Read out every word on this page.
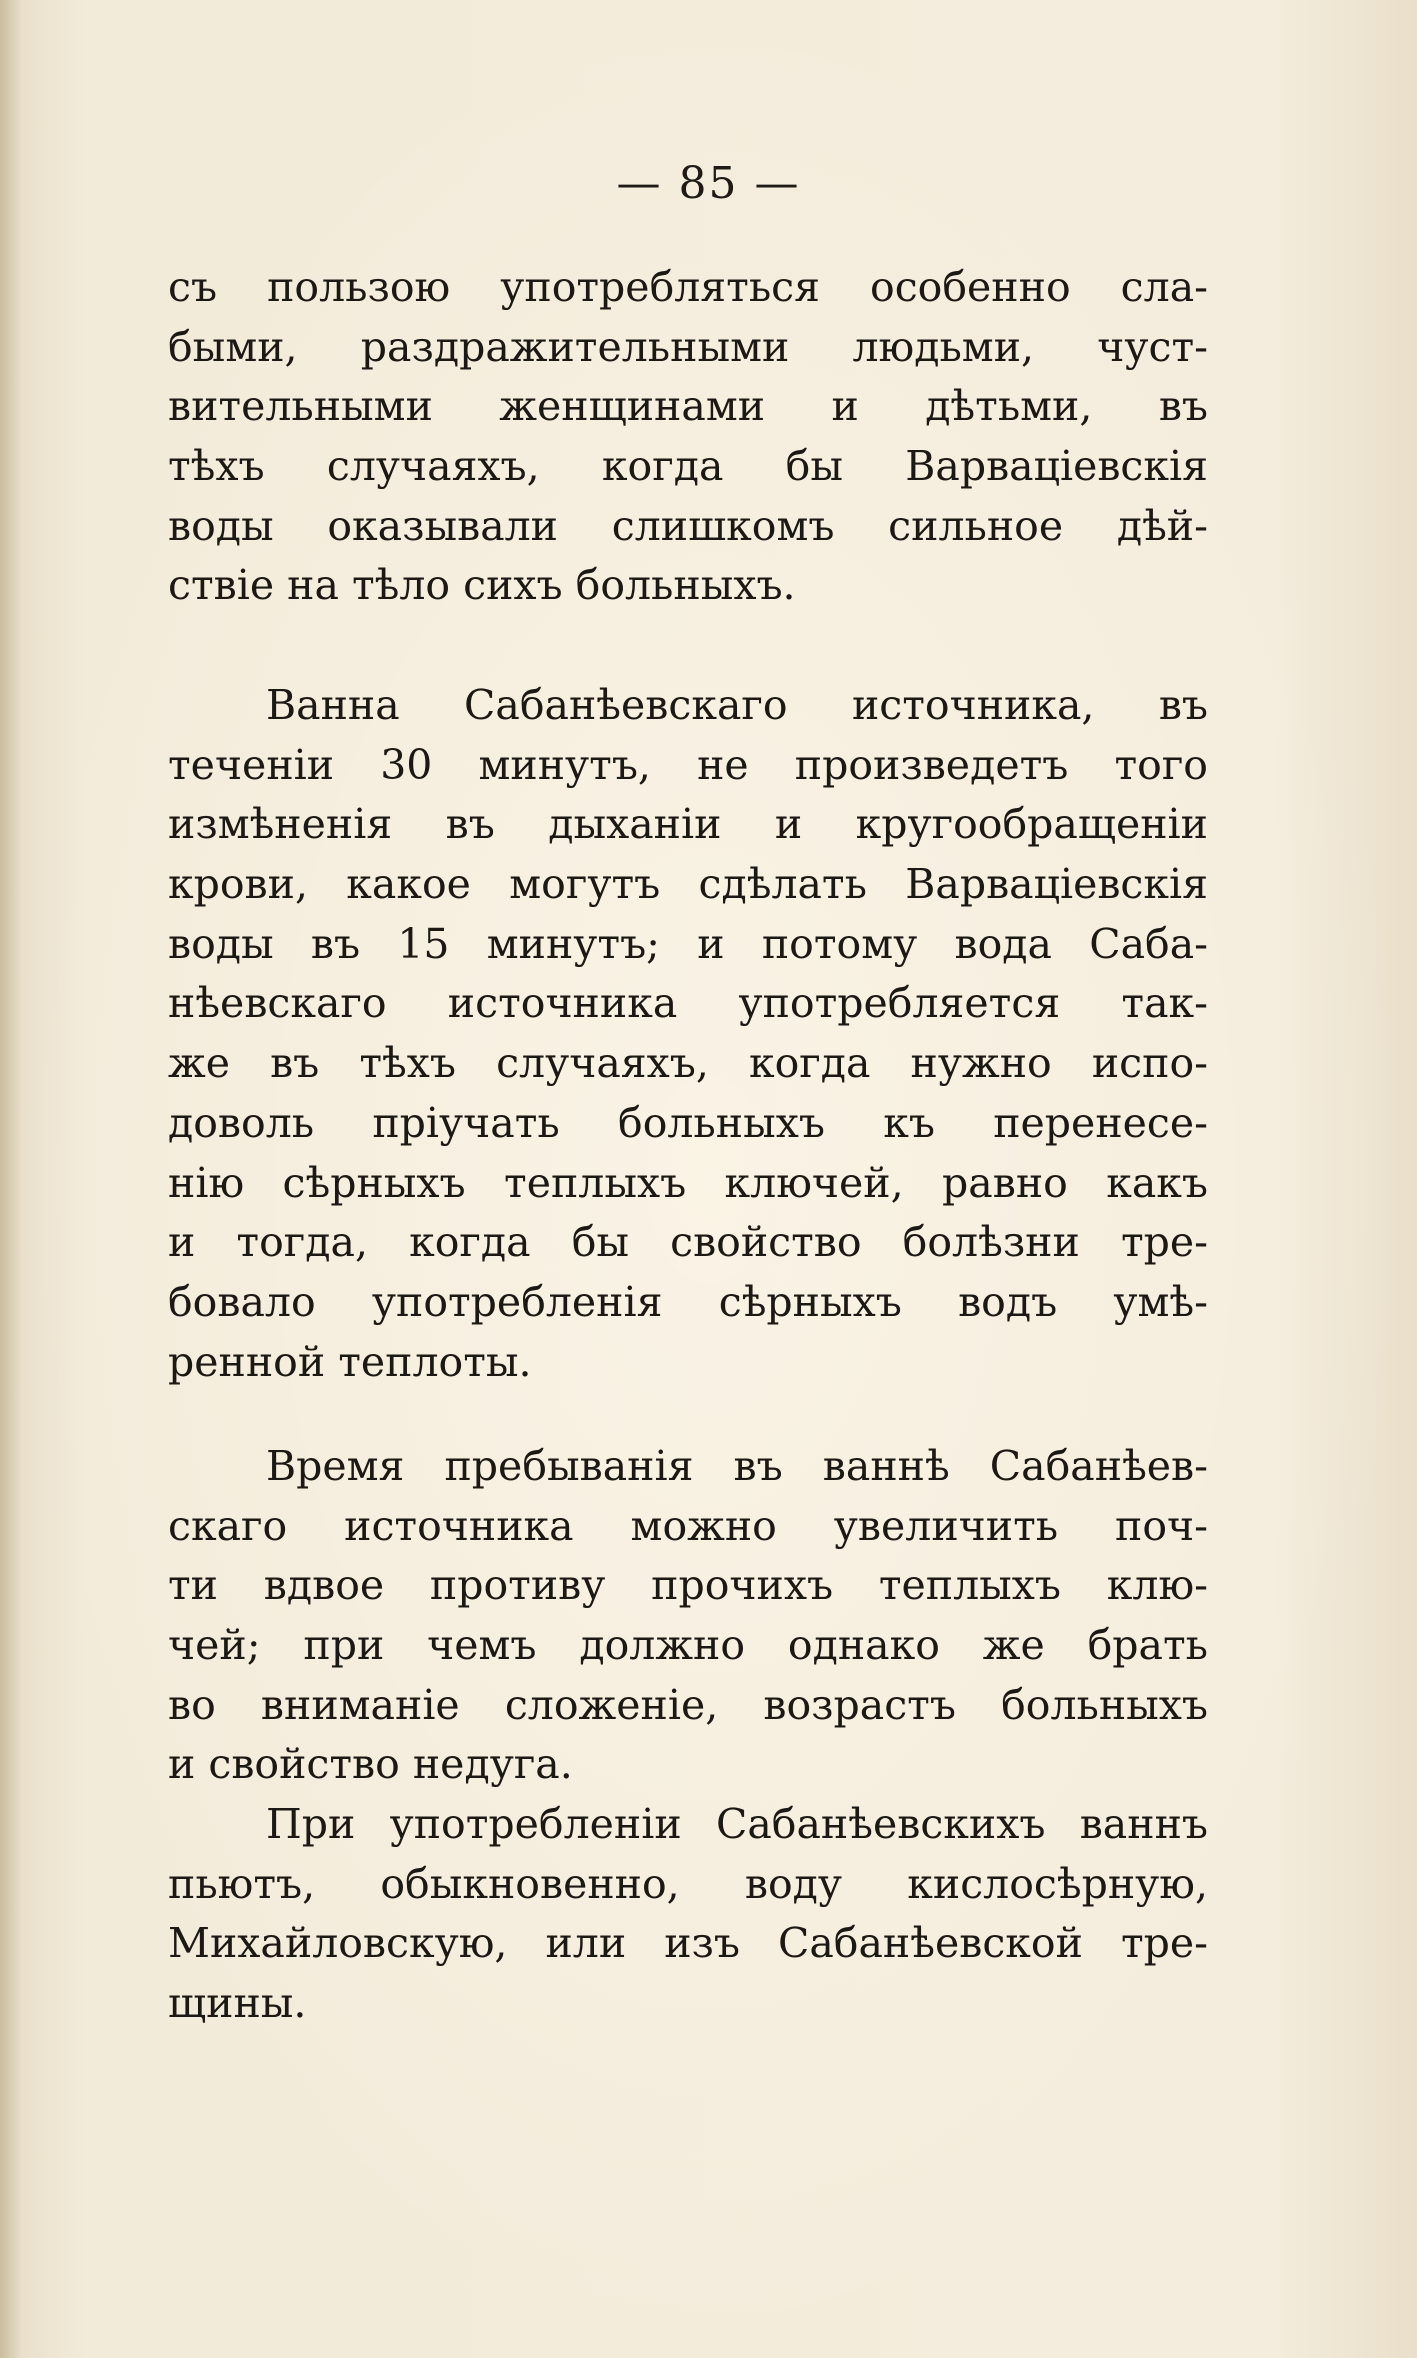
— 85 —
съ пользою употребляться особенно сла-
быми, раздражительными людьми, чуст-
вительными женщинами и дѣтьми, въ
тѣхъ случаяхъ, когда бы Варваціевскія
воды оказывали слишкомъ сильное дѣй-
ствіе на тѣло сихъ больныхъ.
Ванна Сабанѣевскаго источника, въ
теченіи 30 минутъ, не произведетъ того
измѣненія въ дыханіи и кругообращеніи
крови, какое могутъ сдѣлать Варваціевскія
воды въ 15 минутъ; и потому вода Саба-
нѣевскаго источника употребляется так-
же въ тѣхъ случаяхъ, когда нужно испо-
доволь пріучать больныхъ къ перенесе-
нію сѣрныхъ теплыхъ ключей, равно какъ
и тогда, когда бы свойство болѣзни тре-
бовало употребленія сѣрныхъ водъ умѣ-
ренной теплоты.
Время пребыванія въ ваннѣ Сабанѣев-
скаго источника можно увеличить поч-
ти вдвое противу прочихъ теплыхъ клю-
чей; при чемъ должно однако же брать
во вниманіе сложеніе, возрастъ больныхъ
и свойство недуга.
При употребленіи Сабанѣевскихъ ваннъ
пьютъ, обыкновенно, воду кислосѣрную,
Михайловскую, или изъ Сабанѣевской тре-
щины.
